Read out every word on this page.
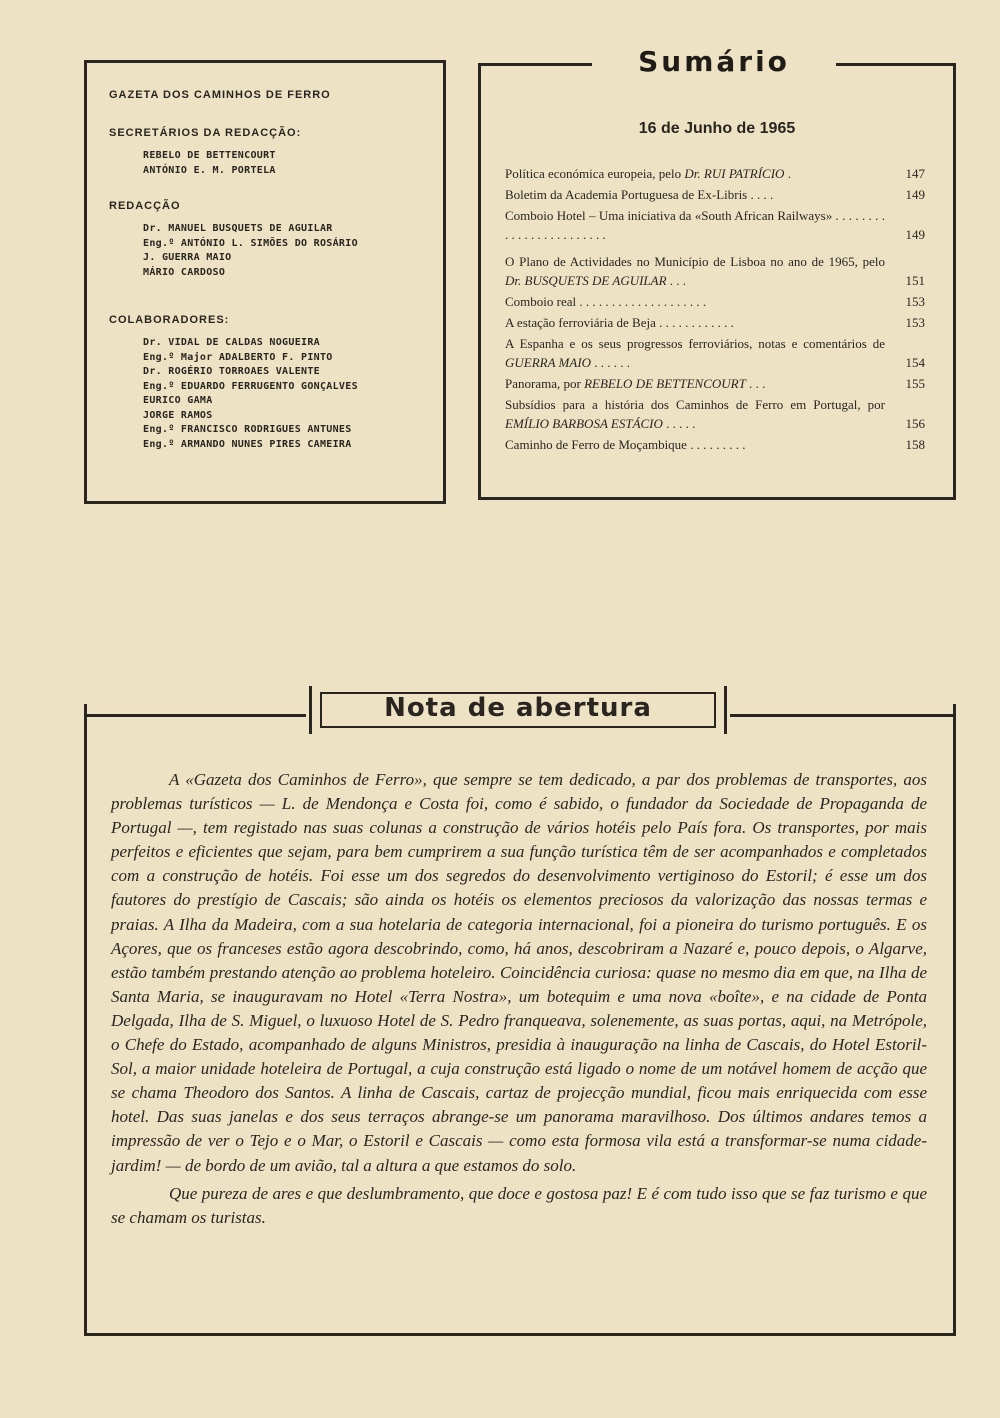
GAZETA DOS CAMINHOS DE FERRO
SECRETÁRIOS DA REDACÇÃO:
REBELO DE BETTENCOURT
ANTÓNIO E. M. PORTELA
REDACÇÃO
Dr. MANUEL BUSQUETS DE AGUILAR
Eng.º ANTÓNIO L. SIMÕES DO ROSÁRIO
J. GUERRA MAIO
MÁRIO CARDOSO
COLABORADORES:
Dr. VIDAL DE CALDAS NOGUEIRA
Eng.º Major ADALBERTO F. PINTO
Dr. ROGÉRIO TORROAES VALENTE
Eng.º EDUARDO FERRUGENTO GONÇALVES
EURICO GAMA
JORGE RAMOS
Eng.º FRANCISCO RODRIGUES ANTUNES
Eng.º ARMANDO NUNES PIRES CAMEIRA
Sumário
16 de Junho de 1965
Política económica europeia, pelo Dr. RUI PATRÍCIO .	147
Boletim da Academia Portuguesa de Ex-Libris . . . .	149
Comboio Hotel – Uma iniciativa da «South African Railways» . . . . . . . . . . . . . . . . . . . . . . . .	149
O Plano de Actividades no Município de Lisboa no ano de 1965, pelo Dr. BUSQUETS DE AGUILAR . . .	151
Comboio real . . . . . . . . . . . . . . . . . . . .	153
A estação ferroviária de Beja . . . . . . . . . . . .	153
A Espanha e os seus progressos ferroviários, notas e comentários de GUERRA MAIO . . . . . .	154
Panorama, por REBELO DE BETTENCOURT . . .	155
Subsídios para a história dos Caminhos de Ferro em Portugal, por EMÍLIO BARBOSA ESTÁCIO . . . . .	156
Caminho de Ferro de Moçambique . . . . . . . . .	158
Nota de abertura

A «Gazeta dos Caminhos de Ferro», que sempre se tem dedicado, a par dos problemas de transportes, aos problemas turísticos — L. de Mendonça e Costa foi, como é sabido, o fundador da Sociedade de Propaganda de Portugal —, tem registado nas suas colunas a construção de vários hotéis pelo País fora. Os transportes, por mais perfeitos e eficientes que sejam, para bem cumprirem a sua função turística têm de ser acompanhados e completados com a construção de hotéis. Foi esse um dos segredos do desenvolvimento vertiginoso do Estoril; é esse um dos fautores do prestígio de Cascais; são ainda os hotéis os elementos preciosos da valorização das nossas termas e praias. A Ilha da Madeira, com a sua hotelaria de categoria internacional, foi a pioneira do turismo português. E os Açores, que os franceses estão agora descobrindo, como, há anos, descobriram a Nazaré e, pouco depois, o Algarve, estão também prestando atenção ao problema hoteleiro. Coincidência curiosa: quase no mesmo dia em que, na Ilha de Santa Maria, se inauguravam no Hotel «Terra Nostra», um botequim e uma nova «boîte», e na cidade de Ponta Delgada, Ilha de S. Miguel, o luxuoso Hotel de S. Pedro franqueava, solenemente, as suas portas, aqui, na Metrópole, o Chefe do Estado, acompanhado de alguns Ministros, presidia à inauguração na linha de Cascais, do Hotel Estoril-Sol, a maior unidade hoteleira de Portugal, a cuja construção está ligado o nome de um notável homem de acção que se chama Theodoro dos Santos. A linha de Cascais, cartaz de projecção mundial, ficou mais enriquecida com esse hotel. Das suas janelas e dos seus terraços abrange-se um panorama maravilhoso. Dos últimos andares temos a impressão de ver o Tejo e o Mar, o Estoril e Cascais — como esta formosa vila está a transformar-se numa cidade-jardim! — de bordo de um avião, tal a altura a que estamos do solo.

Que pureza de ares e que deslumbramento, que doce e gostosa paz! E é com tudo isso que se faz turismo e que se chamam os turistas.
